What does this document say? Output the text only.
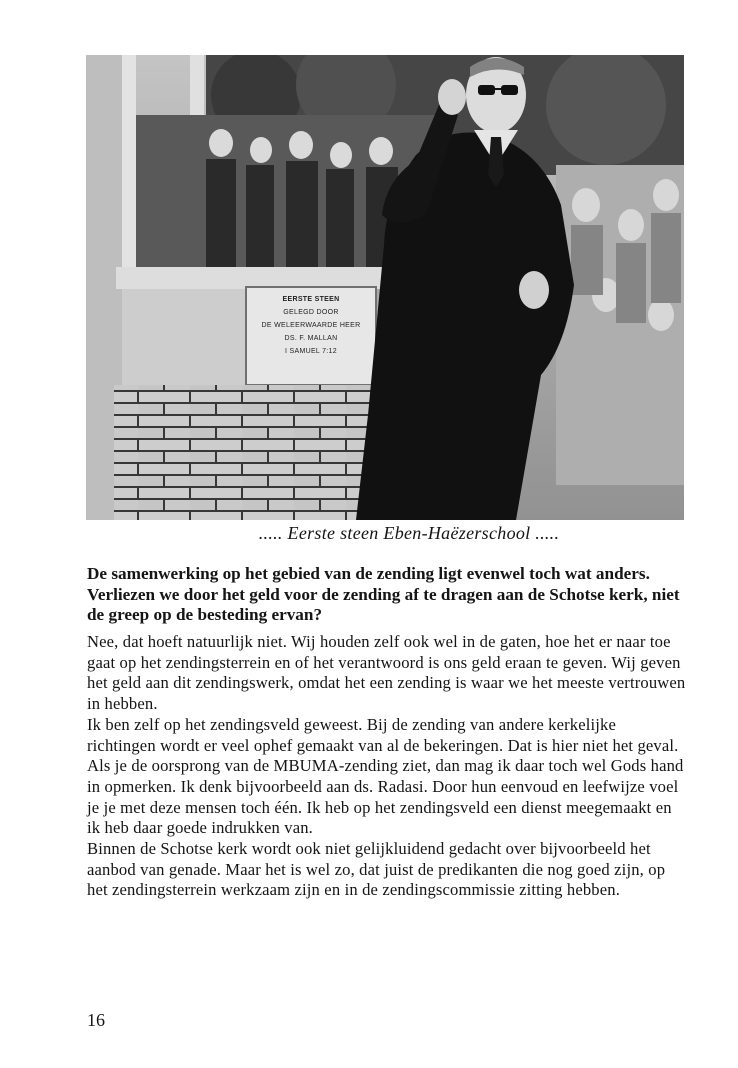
EERSTE STEEN
GELEGD DOOR
DE WELEERWAARDE HEER
DS. F. MALLAN
I SAMUEL 7:12
..... Eerste steen Eben-Haëzerschool .....

De samenwerking op het gebied van de zending ligt evenwel toch wat anders. Verliezen we door het geld voor de zending af te dragen aan de Schotse kerk, niet de greep op de besteding ervan?

Nee, dat hoeft natuurlijk niet. Wij houden zelf ook wel in de gaten, hoe het er naar toe gaat op het zendingsterrein en of het verantwoord is ons geld eraan te geven. Wij geven het geld aan dit zendingswerk, omdat het een zending is waar we het meeste vertrouwen in hebben.

Ik ben zelf op het zendingsveld geweest. Bij de zending van andere kerkelijke richtingen wordt er veel ophef gemaakt van al de bekeringen. Dat is hier niet het geval. Als je de oorsprong van de MBUMA-zending ziet, dan mag ik daar toch wel Gods hand in opmerken. Ik denk bijvoorbeeld aan ds. Radasi. Door hun eenvoud en leefwijze voel je je met deze mensen toch één. Ik heb op het zendingsveld een dienst meegemaakt en ik heb daar goede indrukken van.

Binnen de Schotse kerk wordt ook niet gelijkluidend gedacht over bijvoorbeeld het aanbod van genade. Maar het is wel zo, dat juist de predikanten die nog goed zijn, op het zendingsterrein werkzaam zijn en in de zendingscommissie zitting hebben.

16
